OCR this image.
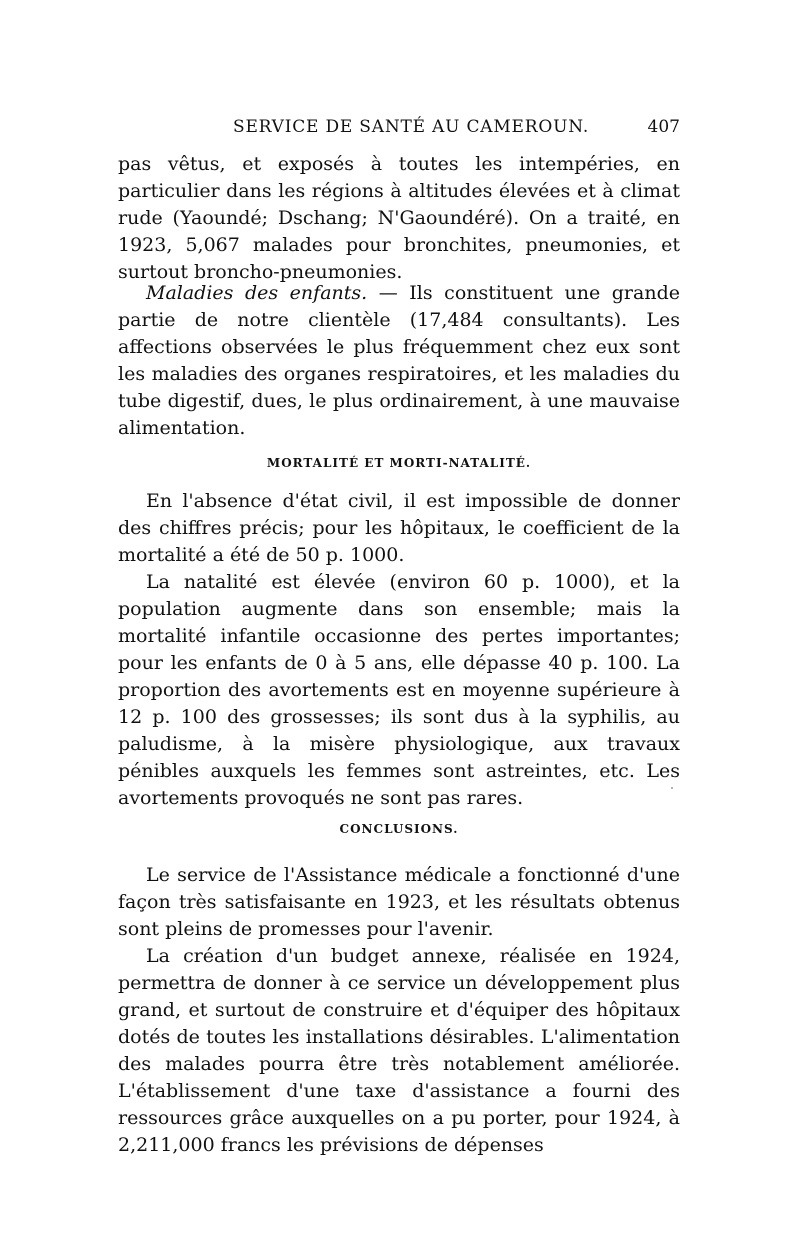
SERVICE DE SANTÉ AU CAMEROUN.	407

pas vêtus, et exposés à toutes les intempéries, en particulier dans les régions à altitudes élevées et à climat rude (Yaoundé; Dschang; N'Gaoundéré). On a traité, en 1923, 5,067 malades pour bronchites, pneumonies, et surtout broncho-pneumonies.

Maladies des enfants. — Ils constituent une grande partie de notre clientèle (17,484 consultants). Les affections observées le plus fréquemment chez eux sont les maladies des organes respiratoires, et les maladies du tube digestif, dues, le plus ordinairement, à une mauvaise alimentation.

MORTALITÉ ET MORTI-NATALITÉ.

En l'absence d'état civil, il est impossible de donner des chiffres précis; pour les hôpitaux, le coefficient de la mortalité a été de 50 p. 1000.

La natalité est élevée (environ 60 p. 1000), et la population augmente dans son ensemble; mais la mortalité infantile occasionne des pertes importantes; pour les enfants de 0 à 5 ans, elle dépasse 40 p. 100. La proportion des avortements est en moyenne supérieure à 12 p. 100 des grossesses; ils sont dus à la syphilis, au paludisme, à la misère physiologique, aux travaux pénibles auxquels les femmes sont astreintes, etc. Les avortements provoqués ne sont pas rares.

CONCLUSIONS.

Le service de l'Assistance médicale a fonctionné d'une façon très satisfaisante en 1923, et les résultats obtenus sont pleins de promesses pour l'avenir.

La création d'un budget annexe, réalisée en 1924, permettra de donner à ce service un développement plus grand, et surtout de construire et d'équiper des hôpitaux dotés de toutes les installations désirables. L'alimentation des malades pourra être très notablement améliorée. L'établissement d'une taxe d'assistance a fourni des ressources grâce auxquelles on a pu porter, pour 1924, à 2,211,000 francs les prévisions de dépenses
